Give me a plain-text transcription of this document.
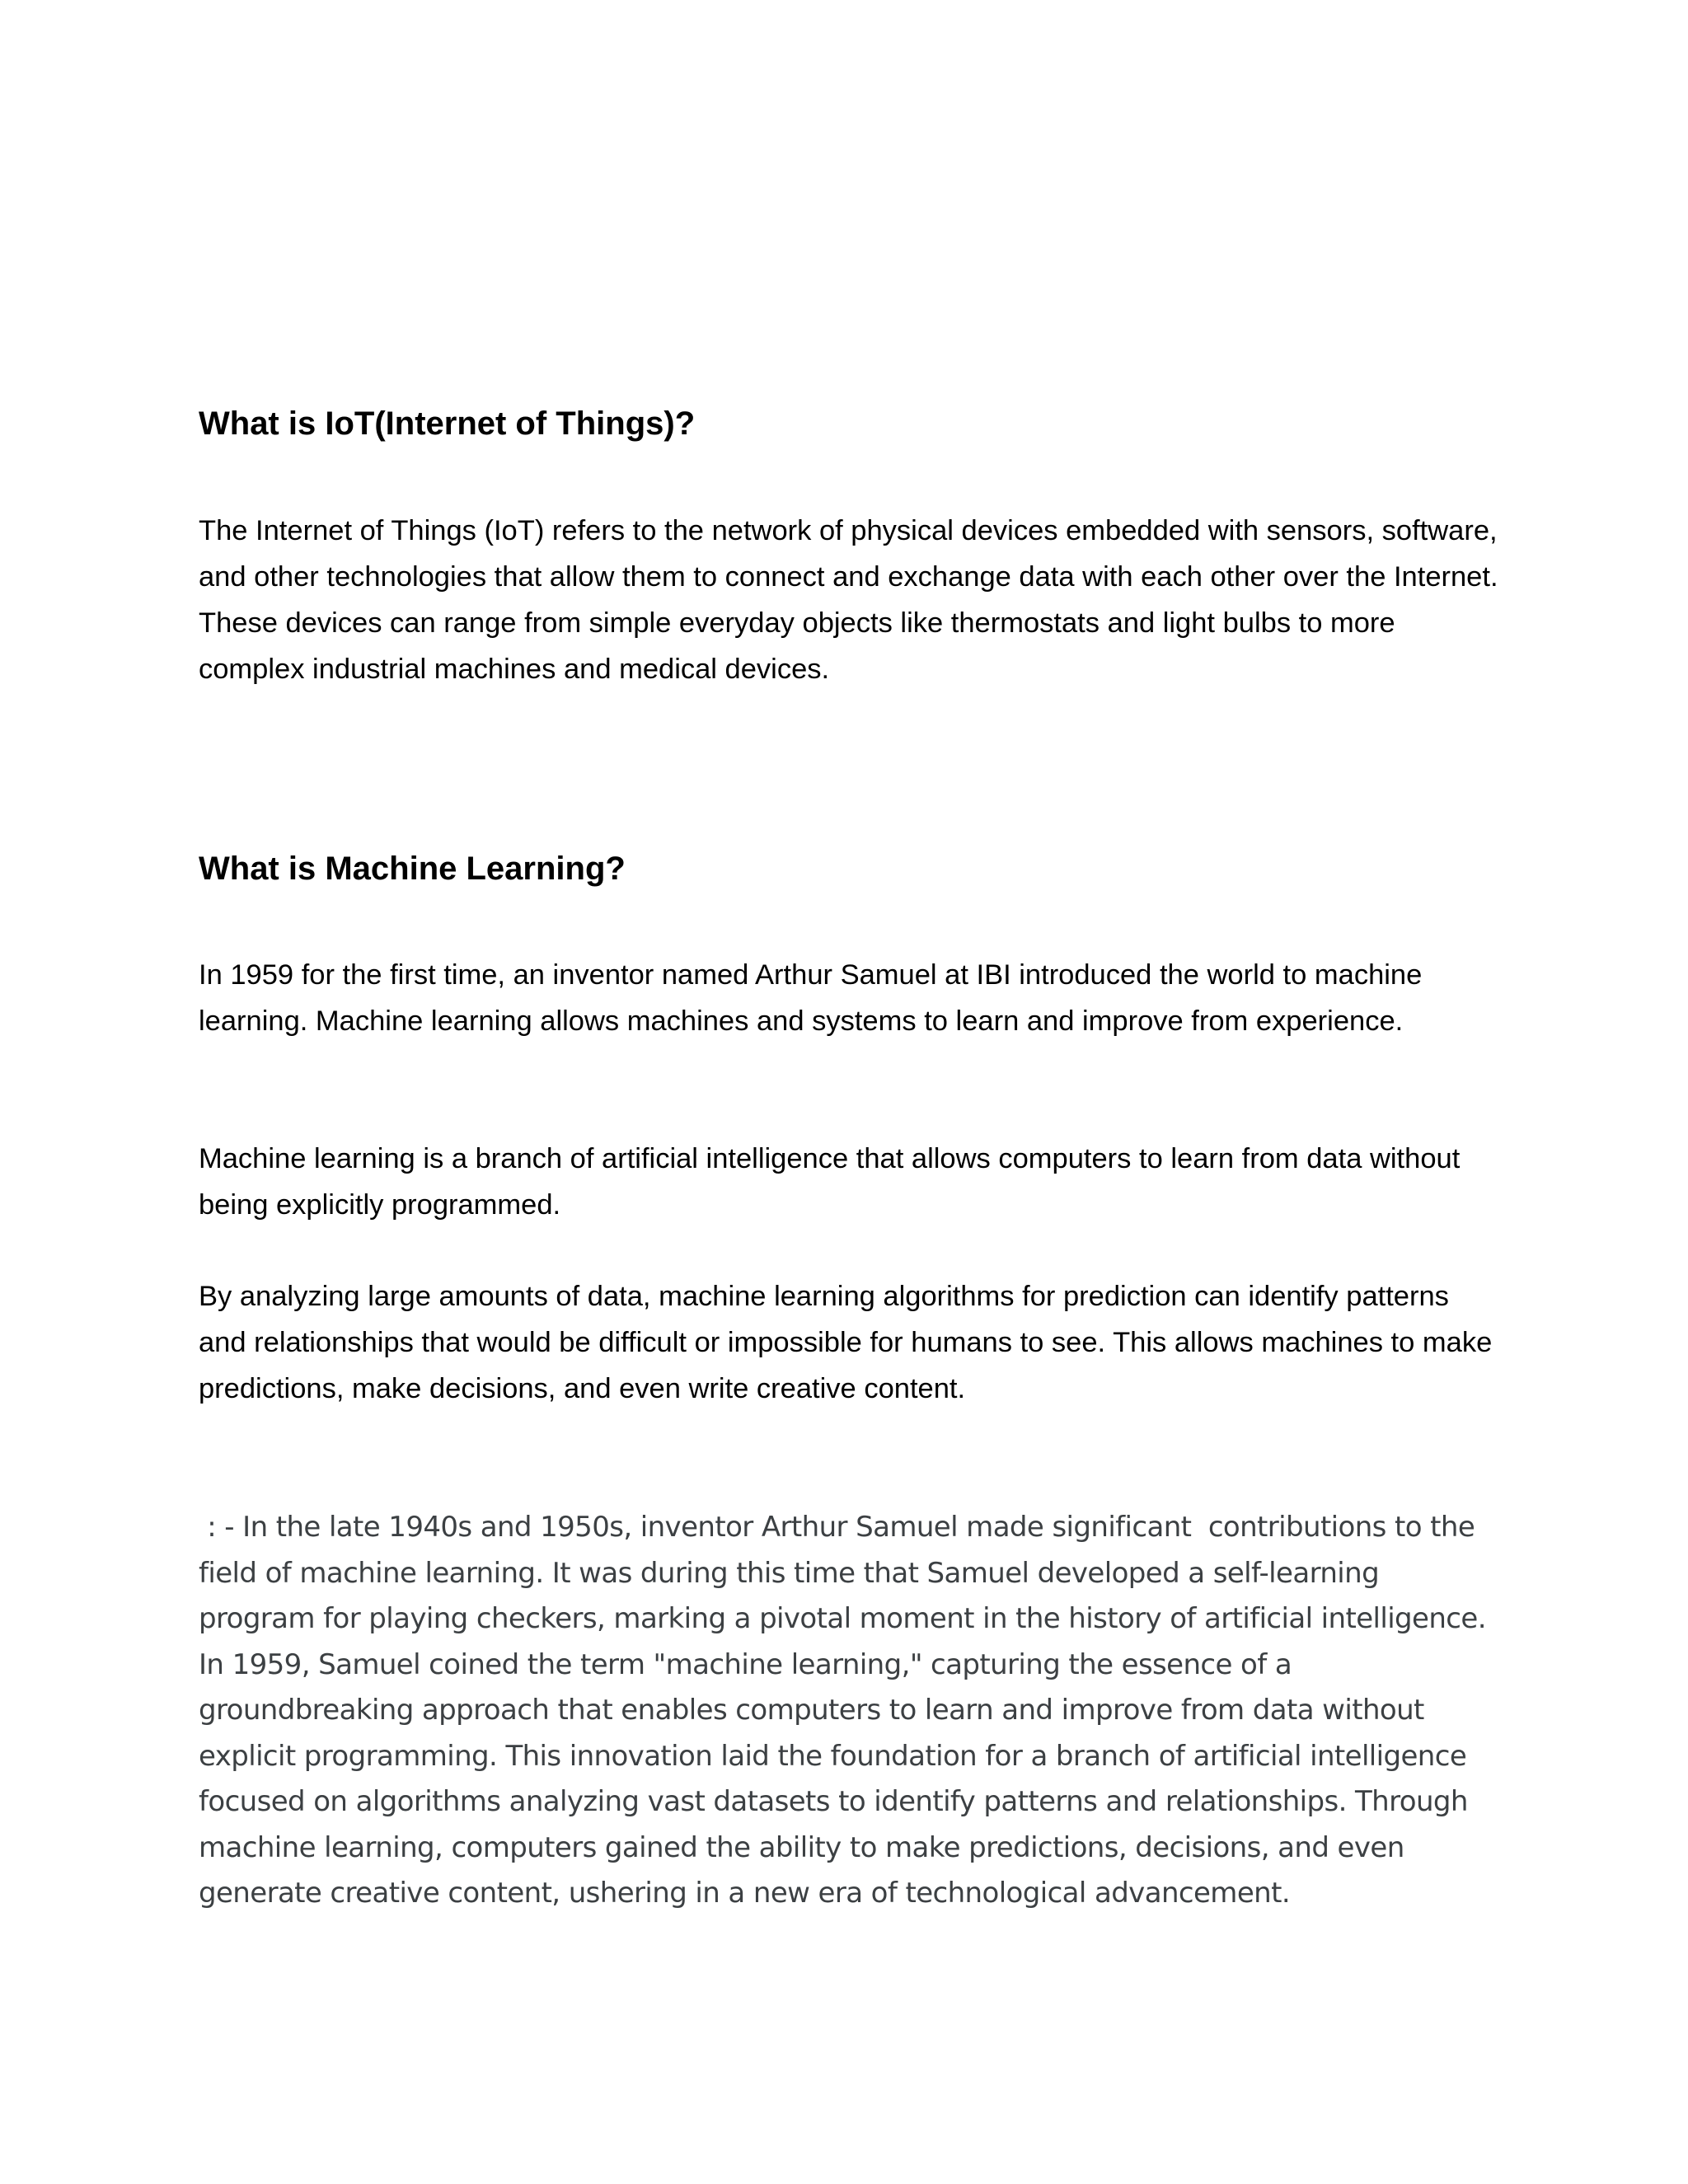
What is IoT(Internet of Things)?

The Internet of Things (IoT) refers to the network of physical devices embedded with sensors, software, and other technologies that allow them to connect and exchange data with each other over the Internet. These devices can range from simple everyday objects like thermostats and light bulbs to more complex industrial machines and medical devices.

What is Machine Learning?

In 1959 for the first time, an inventor named Arthur Samuel at IBI introduced the world to machine learning. Machine learning allows machines and systems to learn and improve from experience.

Machine learning is a branch of artificial intelligence that allows computers to learn from data without being explicitly programmed.

By analyzing large amounts of data, machine learning algorithms for prediction can identify patterns and relationships that would be difficult or impossible for humans to see. This allows machines to make predictions, make decisions, and even write creative content.

: - In the late 1940s and 1950s, inventor Arthur Samuel made significant  contributions to the field of machine learning. It was during this time that Samuel developed a self-learning program for playing checkers, marking a pivotal moment in the history of artificial intelligence. In 1959, Samuel coined the term "machine learning," capturing the essence of a groundbreaking approach that enables computers to learn and improve from data without explicit programming. This innovation laid the foundation for a branch of artificial intelligence focused on algorithms analyzing vast datasets to identify patterns and relationships. Through machine learning, computers gained the ability to make predictions, decisions, and even generate creative content, ushering in a new era of technological advancement.
